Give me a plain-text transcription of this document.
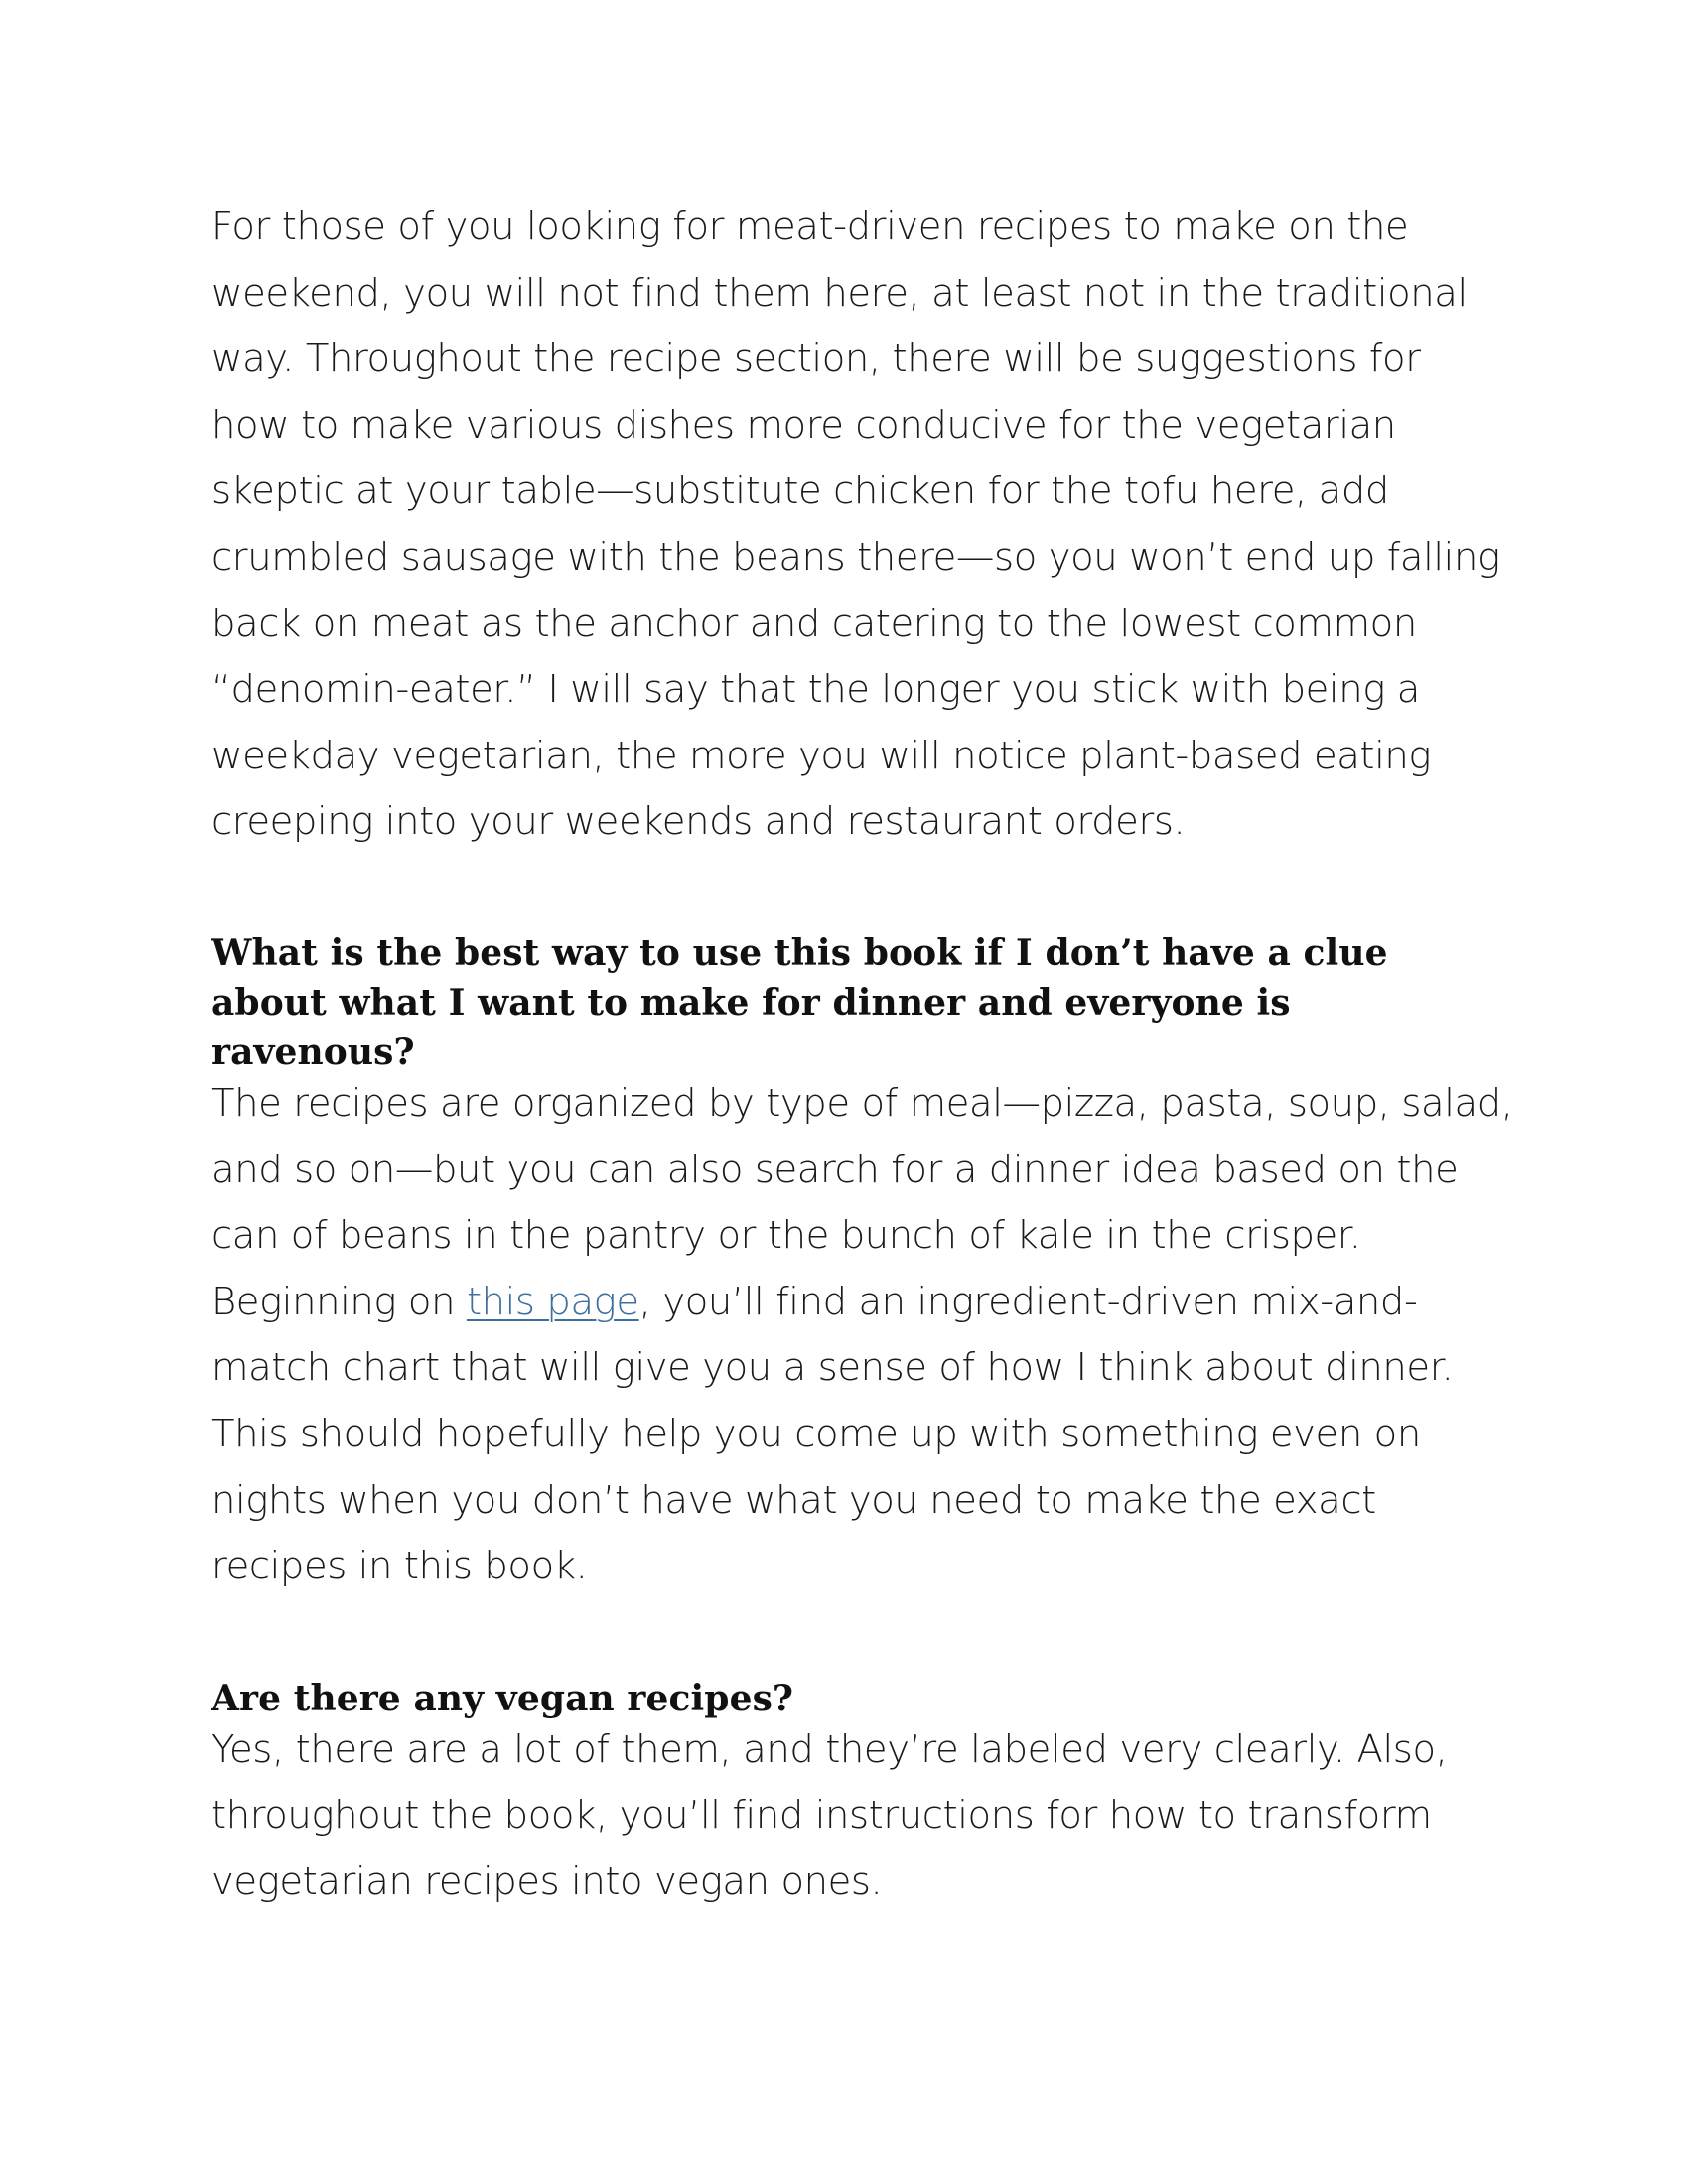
For those of you looking for meat-driven recipes to make on the
weekend, you will not find them here, at least not in the traditional
way. Throughout the recipe section, there will be suggestions for
how to make various dishes more conducive for the vegetarian
skeptic at your table—substitute chicken for the tofu here, add
crumbled sausage with the beans there—so you won’t end up falling
back on meat as the anchor and catering to the lowest common
“denomin-eater.” I will say that the longer you stick with being a
weekday vegetarian, the more you will notice plant-based eating
creeping into your weekends and restaurant orders.

What is the best way to use this book if I don’t have a clue
about what I want to make for dinner and everyone is
ravenous?

The recipes are organized by type of meal—pizza, pasta, soup, salad,
and so on—but you can also search for a dinner idea based on the
can of beans in the pantry or the bunch of kale in the crisper.
Beginning on this page, you’ll find an ingredient-driven mix-and-
match chart that will give you a sense of how I think about dinner.
This should hopefully help you come up with something even on
nights when you don’t have what you need to make the exact
recipes in this book.

Are there any vegan recipes?

Yes, there are a lot of them, and they’re labeled very clearly. Also,
throughout the book, you’ll find instructions for how to transform
vegetarian recipes into vegan ones.
